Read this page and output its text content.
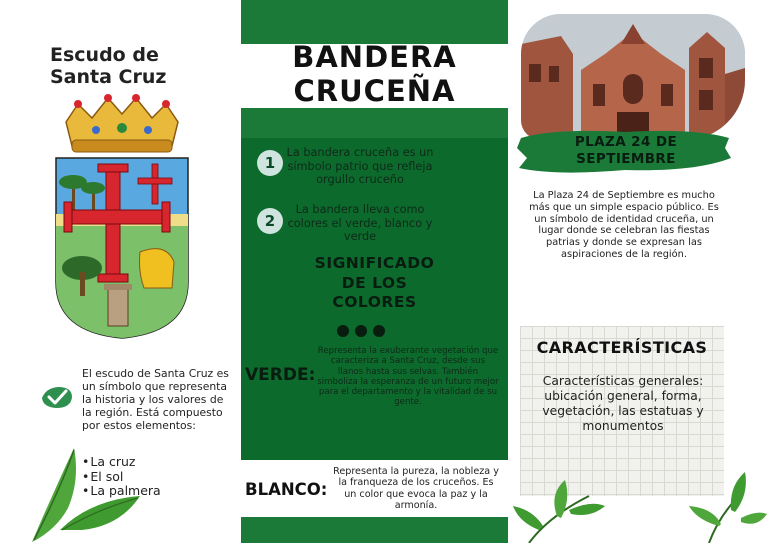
Escudo de
Santa Cruz
El escudo de Santa Cruz es un símbolo que representa la historia y los valores de la región. Está compuesto por estos elementos:
• La cruz
• El sol
• La palmera
BANDERA
CRUCEÑA
1
La bandera cruceña es un símbolo patrio que refleja orgullo cruceño
2
La bandera lleva como colores el verde, blanco y verde
SIGNIFICADO
DE LOS
COLORES
VERDE:
Representa la exuberante vegetación que caracteriza a Santa Cruz, desde sus llanos hasta sus selvas. También simboliza la esperanza de un futuro mejor para el departamento y la vitalidad de su gente.
BLANCO:
Representa la pureza, la nobleza y la franqueza de los cruceños. Es un color que evoca la paz y la armonía.
PLAZA 24 DE
SEPTIEMBRE
La Plaza 24 de Septiembre es mucho más que un simple espacio público. Es un símbolo de identidad cruceña, un lugar donde se celebran las fiestas patrias y donde se expresan las aspiraciones de la región.
CARACTERÍSTICAS
Características generales: ubicación general, forma, vegetación, las estatuas y monumentos
